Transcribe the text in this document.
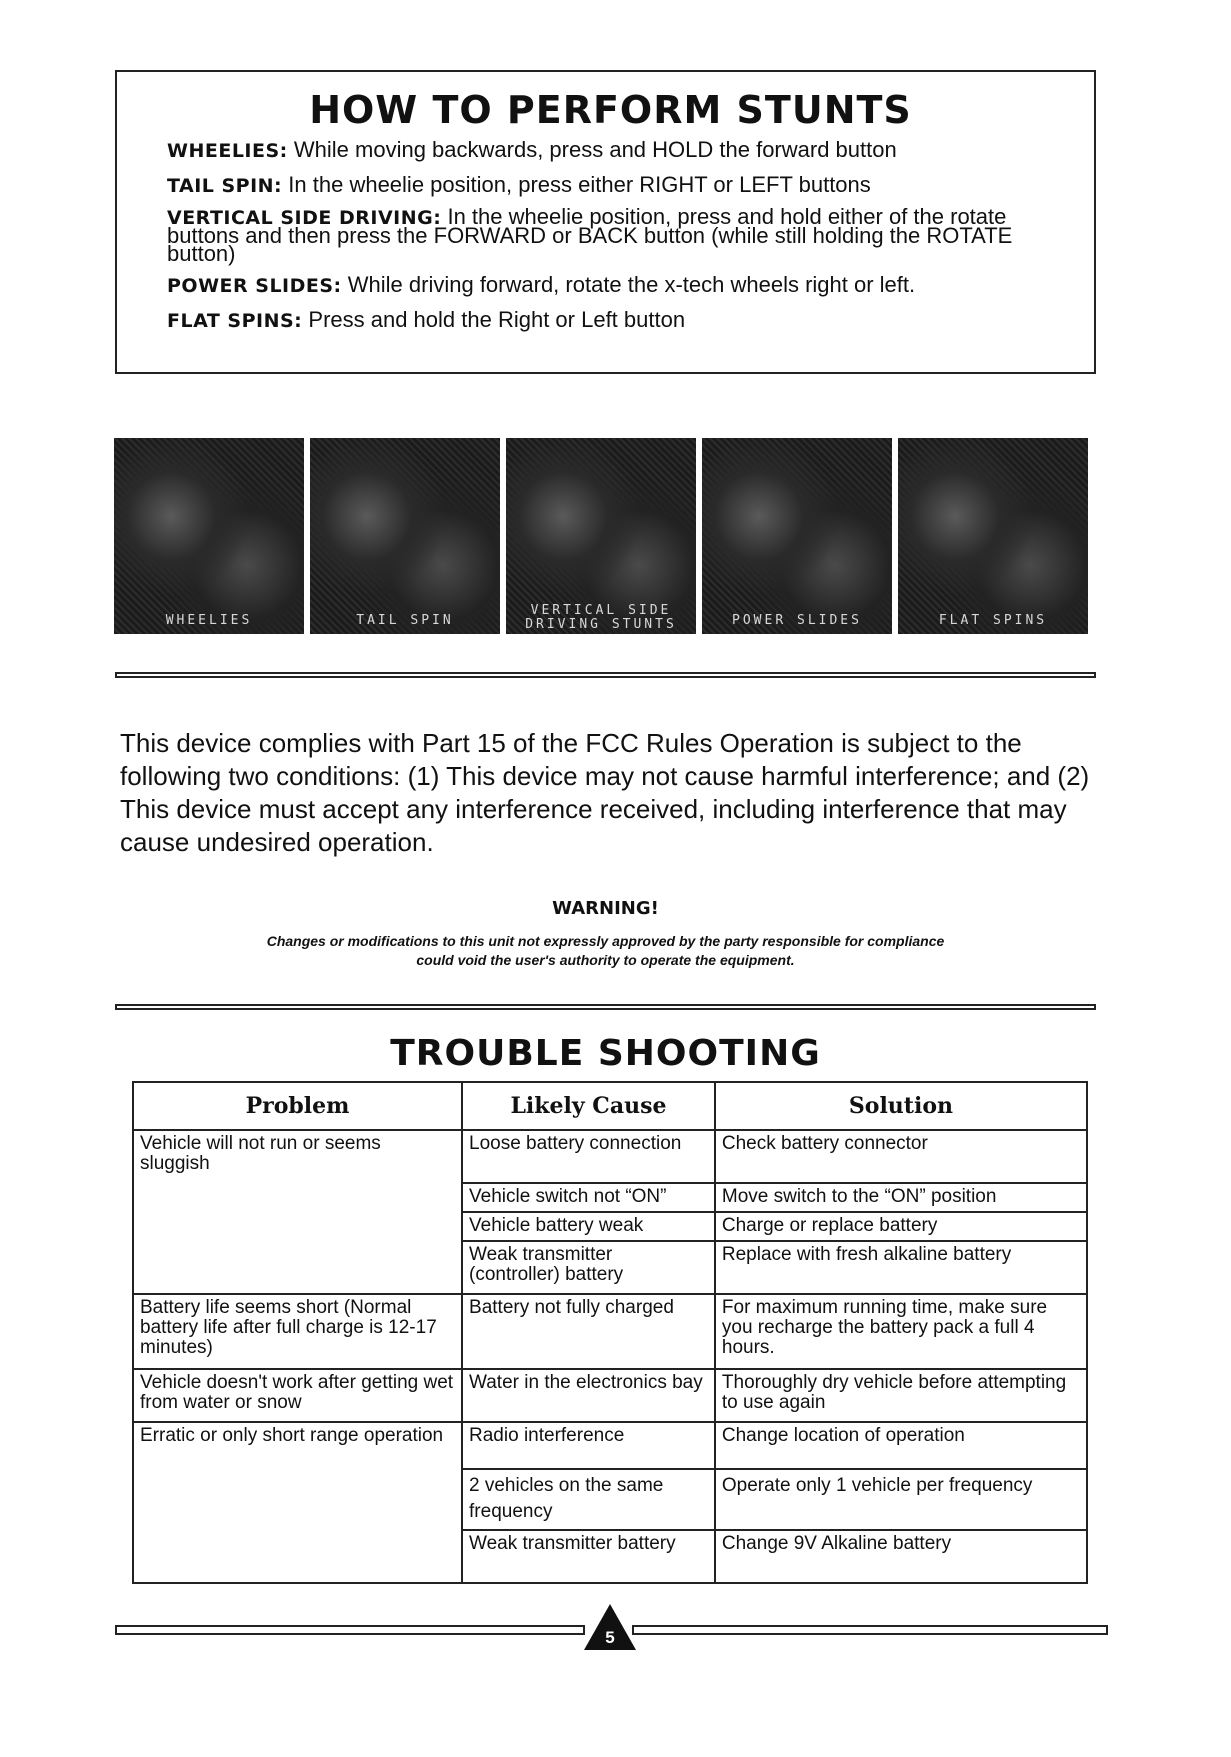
HOW TO PERFORM STUNTS
WHEELIES: While moving backwards, press and HOLD the forward button
TAIL SPIN: In the wheelie position, press either RIGHT or LEFT buttons
VERTICAL SIDE DRIVING: In the wheelie position, press and hold either of the rotate buttons and then press the FORWARD or BACK button (while still holding the ROTATE button)
POWER SLIDES: While driving forward, rotate the x-tech wheels right or left.
FLAT SPINS: Press and hold the Right or Left button
WHEELIES	TAIL SPIN
VERTICAL SIDE DRIVING STUNTS	POWER SLIDES	FLAT SPINS

This device complies with Part 15 of the FCC Rules Operation is subject to the following two conditions: (1) This device may not cause harmful interference; and (2) This device must accept any interference received, including interference that may cause undesired operation.

WARNING!
Changes or modifications to this unit not expressly approved by the party responsible for compliance
could void the user's authority to operate the equipment.
TROUBLE SHOOTING
Problem	Likely Cause	Solution
Vehicle will not run or seems sluggish	Loose battery connection	Check battery connector
	Vehicle switch not “ON”	Move switch to the “ON” position
	Vehicle battery weak	Charge or replace battery
	Weak transmitter (controller) battery	Replace with fresh alkaline battery
Battery life seems short (Normal battery life after full charge is 12-17 minutes)	Battery not fully charged	For maximum running time, make sure you recharge the battery pack a full 4 hours.
Vehicle doesn't work after getting wet from water or snow	Water in the electronics bay	Thoroughly dry vehicle before attempting to use again
Erratic or only short range operation	Radio interference	Change location of operation
	2 vehicles on the same frequency	Operate only 1 vehicle per frequency
	Weak transmitter battery	Change 9V Alkaline battery
5
